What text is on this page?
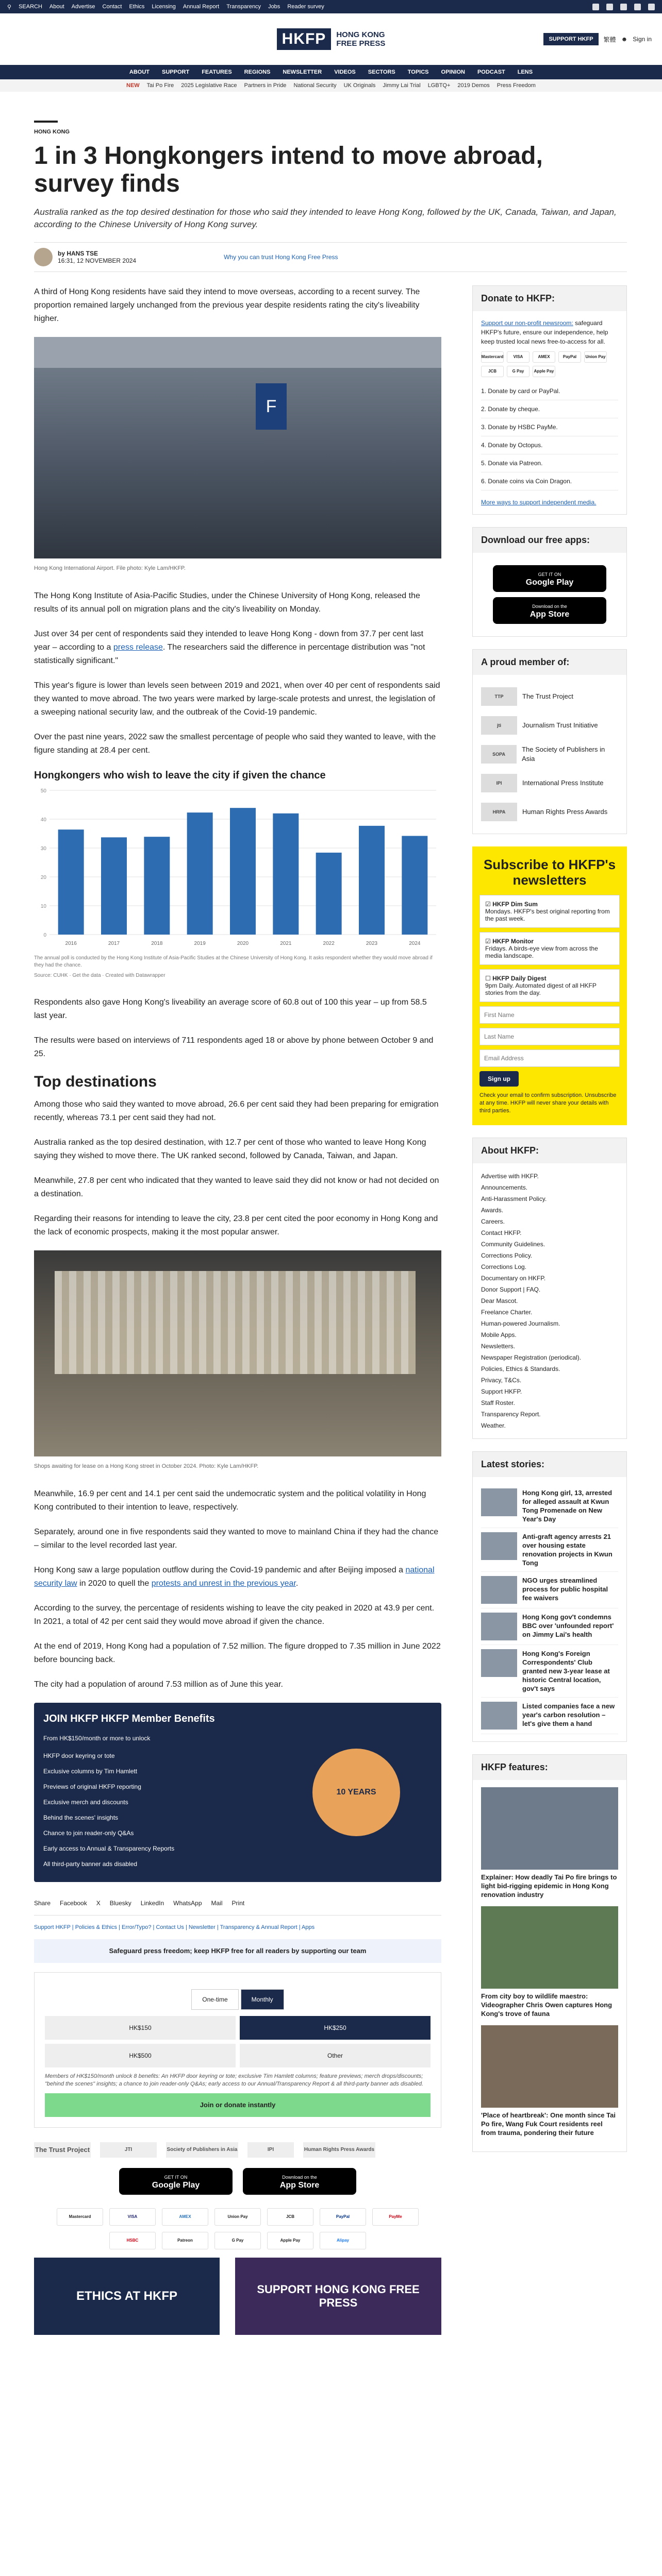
⚲ SEARCH About Advertise Contact Ethics Licensing Annual Report Transparency Jobs Reader survey
HKFP	HONG KONG
FREE PRESS	SUPPORT HKFP	繁體 ☻ Sign in
ABOUT SUPPORT FEATURES REGIONS NEWSLETTER VIDEOS SECTORS TOPICS OPINION PODCAST LENS
NEW Tai Po Fire 2025 Legislative Race Partners in Pride National Security UK Originals Jimmy Lai Trial LGBTQ+ 2019 Demos Press Freedom
HONG KONG
1 in 3 Hongkongers intend to move abroad, survey finds
Australia ranked as the top desired destination for those who said they intended to leave Hong Kong, followed by the UK, Canada, Taiwan, and Japan, according to the Chinese University of Hong Kong survey.
by HANS TSE
16:31, 12 NOVEMBER 2024	Why you can trust Hong Kong Free Press

A third of Hong Kong residents have said they intend to move overseas, according to a recent survey. The proportion remained largely unchanged from the previous year despite residents rating the city's liveability higher.

F
Hong Kong International Airport. File photo: Kyle Lam/HKFP.

The Hong Kong Institute of Asia-Pacific Studies, under the Chinese University of Hong Kong, released the results of its annual poll on migration plans and the city's liveability on Monday.

Just over 34 per cent of respondents said they intended to leave Hong Kong - down from 37.7 per cent last year – according to a press release. The researchers said the difference in percentage distribution was "not statistically significant."

This year's figure is lower than levels seen between 2019 and 2021, when over 40 per cent of respondents said they wanted to move abroad. The two years were marked by large-scale protests and unrest, the legislation of a sweeping national security law, and the outbreak of the Covid-19 pandemic.

Over the past nine years, 2022 saw the smallest percentage of people who said they wanted to leave, with the figure standing at 28.4 per cent.

Hongkongers who wish to leave the city if given the chance
0
10
20
30
40
50
2016	2017	2018	2019	2020	2021	2022	2023	2024
The annual poll is conducted by the Hong Kong Institute of Asia-Pacific Studies at the Chinese University of Hong Kong. It asks respondent whether they would move abroad if they had the chance.
Source: CUHK · Get the data · Created with Datawrapper

Respondents also gave Hong Kong's liveability an average score of 60.8 out of 100 this year – up from 58.5 last year.

The results were based on interviews of 711 respondents aged 18 or above by phone between October 9 and 25.

Top destinations

Among those who said they wanted to move abroad, 26.6 per cent said they had been preparing for emigration recently, whereas 73.1 per cent said they had not.

Australia ranked as the top desired destination, with 12.7 per cent of those who wanted to leave Hong Kong saying they wished to move there. The UK ranked second, followed by Canada, Taiwan, and Japan.

Meanwhile, 27.8 per cent who indicated that they wanted to leave said they did not know or had not decided on a destination.

Regarding their reasons for intending to leave the city, 23.8 per cent cited the poor economy in Hong Kong and the lack of economic prospects, making it the most popular answer.

Shops awaiting for lease on a Hong Kong street in October 2024. Photo: Kyle Lam/HKFP.

Meanwhile, 16.9 per cent and 14.1 per cent said the undemocratic system and the political volatility in Hong Kong contributed to their intention to leave, respectively.

Separately, around one in five respondents said they wanted to move to mainland China if they had the chance – similar to the level recorded last year.

Hong Kong saw a large population outflow during the Covid-19 pandemic and after Beijing imposed a national security law in 2020 to quell the protests and unrest in the previous year.

According to the survey, the percentage of residents wishing to leave the city peaked in 2020 at 43.9 per cent. In 2021, a total of 42 per cent said they would move abroad if given the chance.

At the end of 2019, Hong Kong had a population of 7.52 million. The figure dropped to 7.35 million in June 2022 before bouncing back.

The city had a population of around 7.53 million as of June this year.

JOIN HKFP HKFP Member Benefits
From HK$150/month or more to unlock
HKFP door keyring or tote
Exclusive columns by Tim Hamlett
Previews of original HKFP reporting
Exclusive merch and discounts
Behind the scenes' insights
Chance to join reader-only Q&As
Early access to Annual & Transparency Reports
All third-party banner ads disabled
10 YEARS
Share Facebook X Bluesky LinkedIn WhatsApp Mail Print
Support HKFP | Policies & Ethics | Error/Typo? | Contact Us | Newsletter | Transparency & Annual Report | Apps
Safeguard press freedom; keep HKFP free for all readers by supporting our team
One-time	Monthly
HK$150	HK$250
HK$500	Other
Members of HK$150/month unlock 8 benefits: An HKFP door keyring or tote; exclusive Tim Hamlett columns; feature previews; merch drops/discounts; "behind the scenes" insights; a chance to join reader-only Q&As; early access to our Annual/Transparency Report & all third-party banner ads disabled.
Join or donate instantly
The Trust Project	JTI	Society of Publishers in Asia	IPI	Human Rights Press Awards
GET IT ON
Google Play
Download on the
App Store
Mastercard	VISA	AMEX	Union Pay	JCB	PayPal	PayMe
HSBC	Patreon	G Pay	Apple Pay	Alipay
ETHICS AT HKFP	SUPPORT HONG KONG FREE PRESS
Donate to HKFP:
Support our non-profit newsroom: safeguard HKFP's future, ensure our independence, help keep trusted local news free-to-access for all.
Mastercard	VISA	AMEX	PayPal	Union Pay
JCB	G Pay	Apple Pay
1. Donate by card or PayPal.
2. Donate by cheque.
3. Donate by HSBC PayMe.
4. Donate by Octopus.
5. Donate via Patreon.
6. Donate coins via Coin Dragon.
More ways to support independent media.
Download our free apps:
GET IT ON
Google Play
Download on the
App Store
A proud member of:
TTP	The Trust Project
jti	Journalism Trust Initiative
SOPA
The Society of Publishers in Asia
IPI	International Press Institute
HRPA	Human Rights Press Awards
Subscribe to HKFP's newsletters
☑ HKFP Dim Sum
Mondays. HKFP's best original reporting from the past week.
☑ HKFP Monitor
Fridays. A birds-eye view from across the media landscape.
☐ HKFP Daily Digest
9pm Daily. Automated digest of all HKFP stories from the day.
First Name Last Name Email Address Sign up
Check your email to confirm subscription. Unsubscribe at any time. HKFP will never share your details with third parties.
About HKFP:
Advertise with HKFP.
Announcements.
Anti-Harassment Policy.
Awards.
Careers.
Contact HKFP.
Community Guidelines.
Corrections Policy.
Corrections Log.
Documentary on HKFP.
Donor Support | FAQ.
Dear Mascot.
Freelance Charter.
Human-powered Journalism.
Mobile Apps.
Newsletters.
Newspaper Registration (periodical).
Policies, Ethics & Standards.
Privacy, T&Cs.
Support HKFP.
Staff Roster.
Transparency Report.
Weather.
Latest stories:
Hong Kong girl, 13, arrested for alleged assault at Kwun Tong Promenade on New Year's Day
Anti-graft agency arrests 21 over housing estate renovation projects in Kwun Tong
NGO urges streamlined process for public hospital fee waivers
Hong Kong gov't condemns BBC over 'unfounded report' on Jimmy Lai's health
Hong Kong's Foreign Correspondents' Club granted new 3-year lease at historic Central location, gov't says
Listed companies face a new year's carbon resolution – let's give them a hand
HKFP features:
Explainer: How deadly Tai Po fire brings to light bid-rigging epidemic in Hong Kong renovation industry
From city boy to wildlife maestro: Videographer Chris Owen captures Hong Kong's trove of fauna
'Place of heartbreak': One month since Tai Po fire, Wang Fuk Court residents reel from trauma, pondering their future
